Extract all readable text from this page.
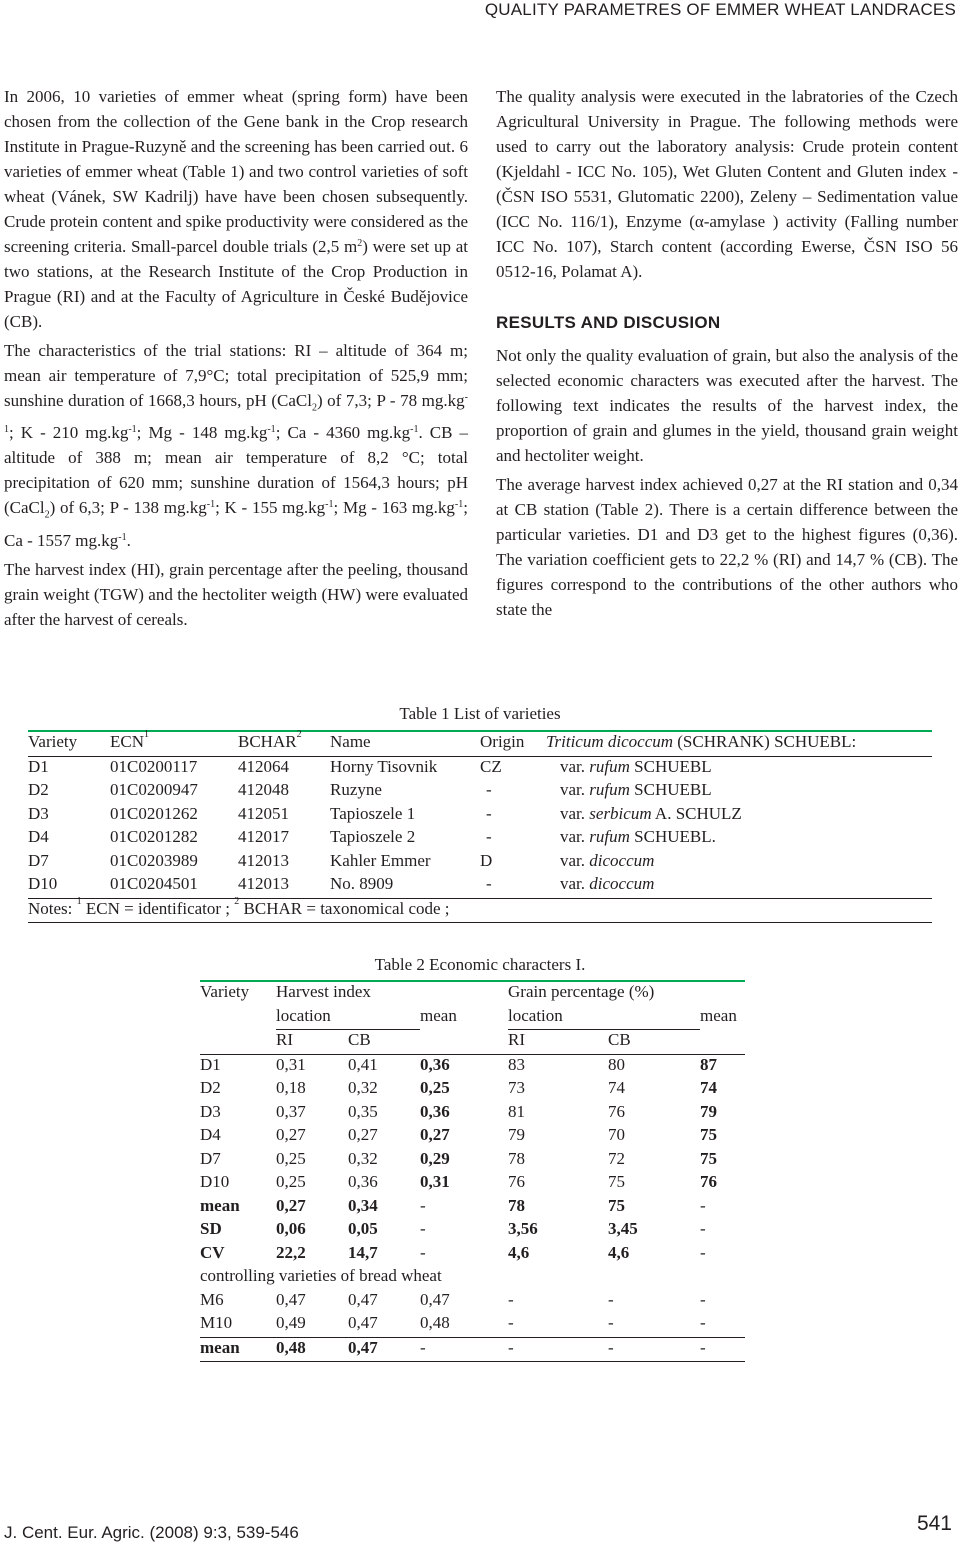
QUALITY PARAMETRES OF EMMER WHEAT LANDRACES

In 2006, 10 varieties of emmer wheat (spring form) have been chosen from the collection of the Gene bank in the Crop research Institute in Prague-Ruzyně and the screening has been carried out. 6 varieties of emmer wheat (Table 1) and two control varieties of soft wheat (Vánek, SW Kadrilj) have have been chosen subsequently. Crude protein content and spike productivity were considered as the screening criteria. Small-parcel double trials (2,5 $m^2$) were set up at two stations, at the Research Institute of the Crop Production in Prague (RI) and at the Faculty of Agriculture in České Budějovice (CB).

The characteristics of the trial stations: RI – altitude of 364 m; mean air temperature of 7,9°C; total precipitation of 525,9 mm; sunshine duration of 1668,3 hours, pH (CaCl$_2$) of 7,3; P - 78 $mg.kg^{-1}$; K - 210 $mg.kg^{-1}$; Mg - 148 $mg.kg^{-1}$; Ca - 4360 $mg.kg^{-1}$. CB – altitude of 388 m; mean air temperature of 8,2 °C; total precipitation of 620 mm; sunshine duration of 1564,3 hours; pH (CaCl$_2$) of 6,3; P - 138 $mg.kg^{-1}$; K - 155 $mg.kg^{-1}$; Mg - 163 $mg.kg^{-1}$; Ca - 1557 $mg.kg^{-1}$.

The harvest index (HI), grain percentage after the peeling, thousand grain weight (TGW) and the hectoliter weigth (HW) were evaluated after the harvest of cereals.

The quality analysis were executed in the labratories of the Czech Agricultural University in Prague. The following methods were used to carry out the laboratory analysis: Crude protein content (Kjeldahl - ICC No. 105), Wet Gluten Content and Gluten index - (ČSN ISO 5531, Glutomatic 2200), Zeleny – Sedimentation value (ICC No. 116/1), Enzyme (α-amylase ) activity (Falling number ICC No. 107), Starch content (according Ewerse, ČSN ISO 56 0512-16, Polamat A).

RESULTS AND DISCUSION

Not only the quality evaluation of grain, but also the analysis of the selected economic characters was executed after the harvest. The following text indicates the results of the harvest index, the proportion of grain and glumes in the yield, thousand grain weight and hectoliter weight.

The average harvest index achieved 0,27 at the RI station and 0,34 at CB station (Table 2). There is a certain difference between the particular varieties. D1 and D3 get to the highest figures (0,36). The variation coefficient gets to 22,2 % (RI) and 14,7 % (CB). The figures correspond to the contributions of the other authors who state the

Table 1 List of varieties
Variety	ECN$^1$	BCHAR$^2$	Name	Origin	Triticum dicoccum (SCHRANK) SCHUEBL:
D1	01C0200117	412064	Horny Tisovnik	CZ	var. rufum SCHUEBL
D2	01C0200947	412048	Ruzyne	-	var. rufum SCHUEBL
D3	01C0201262	412051	Tapioszele 1	-	var. serbicum A. SCHULZ
D4	01C0201282	412017	Tapioszele 2	-	var. rufum SCHUEBL.
D7	01C0203989	412013	Kahler Emmer	D	var. dicoccum
D10	01C0204501	412013	No. 8909	-	var. dicoccum
Notes: $^1$ ECN = identificator ; $^2$ BCHAR = taxonomical code ;					
Table 2 Economic characters I.
Variety	Harvest index			Grain percentage (%)		
	location		mean	location		mean
	RI	CB		RI	CB	
D1	0,31	0,41	0,36	83	80	87
D2	0,18	0,32	0,25	73	74	74
D3	0,37	0,35	0,36	81	76	79
D4	0,27	0,27	0,27	79	70	75
D7	0,25	0,32	0,29	78	72	75
D10	0,25	0,36	0,31	76	75	76
mean	0,27	0,34	-	78	75	-
SD	0,06	0,05	-	3,56	3,45	-
CV	22,2	14,7	-	4,6	4,6	-
controlling varieties of bread wheat						
M6	0,47	0,47	0,47	-	-	-
M10	0,49	0,47	0,48	-	-	-
mean	0,48	0,47	-	-	-	-
J. Cent. Eur. Agric. (2008) 9:3, 539-546	541
